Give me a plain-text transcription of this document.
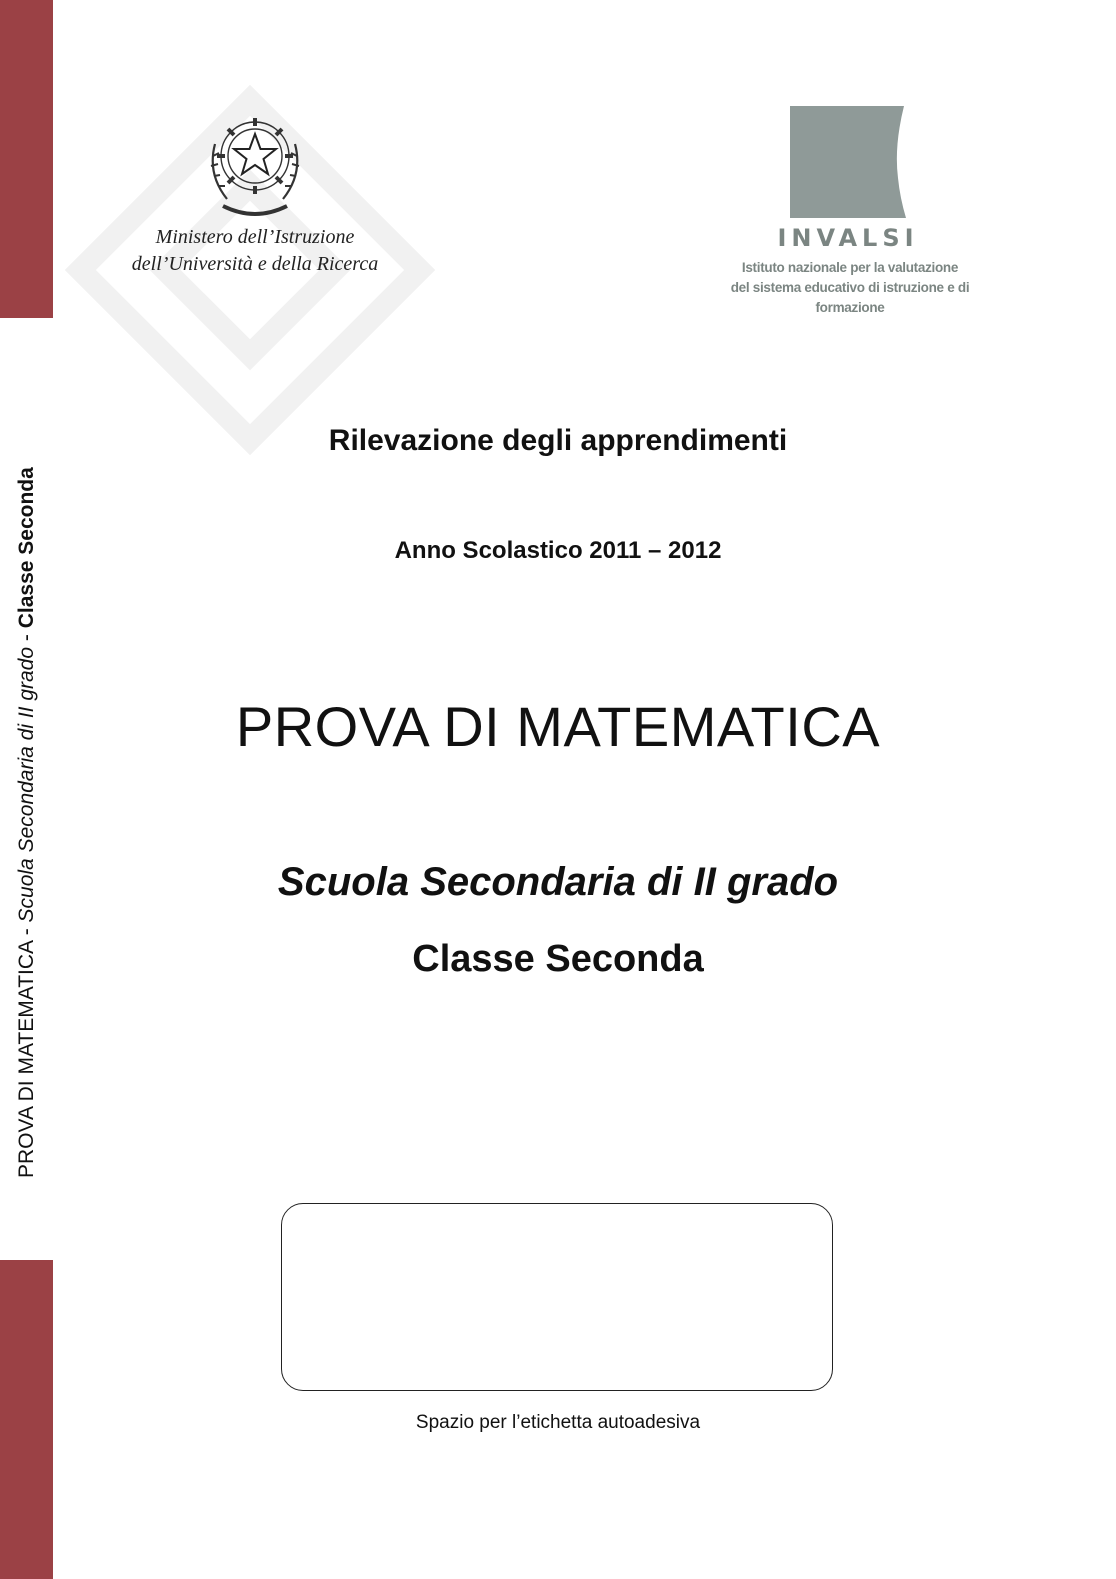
PROVA DI MATEMATICA - Scuola Secondaria di II grado - Classe Seconda
Ministero dell’Istruzione
dell’Università e della Ricerca
INVALSI
Istituto nazionale per la valutazione
del sistema educativo di istruzione e di formazione
Rilevazione degli apprendimenti
Anno Scolastico 2011 – 2012
PROVA DI MATEMATICA
Scuola Secondaria di II grado
Classe Seconda
Spazio per l’etichetta autoadesiva
